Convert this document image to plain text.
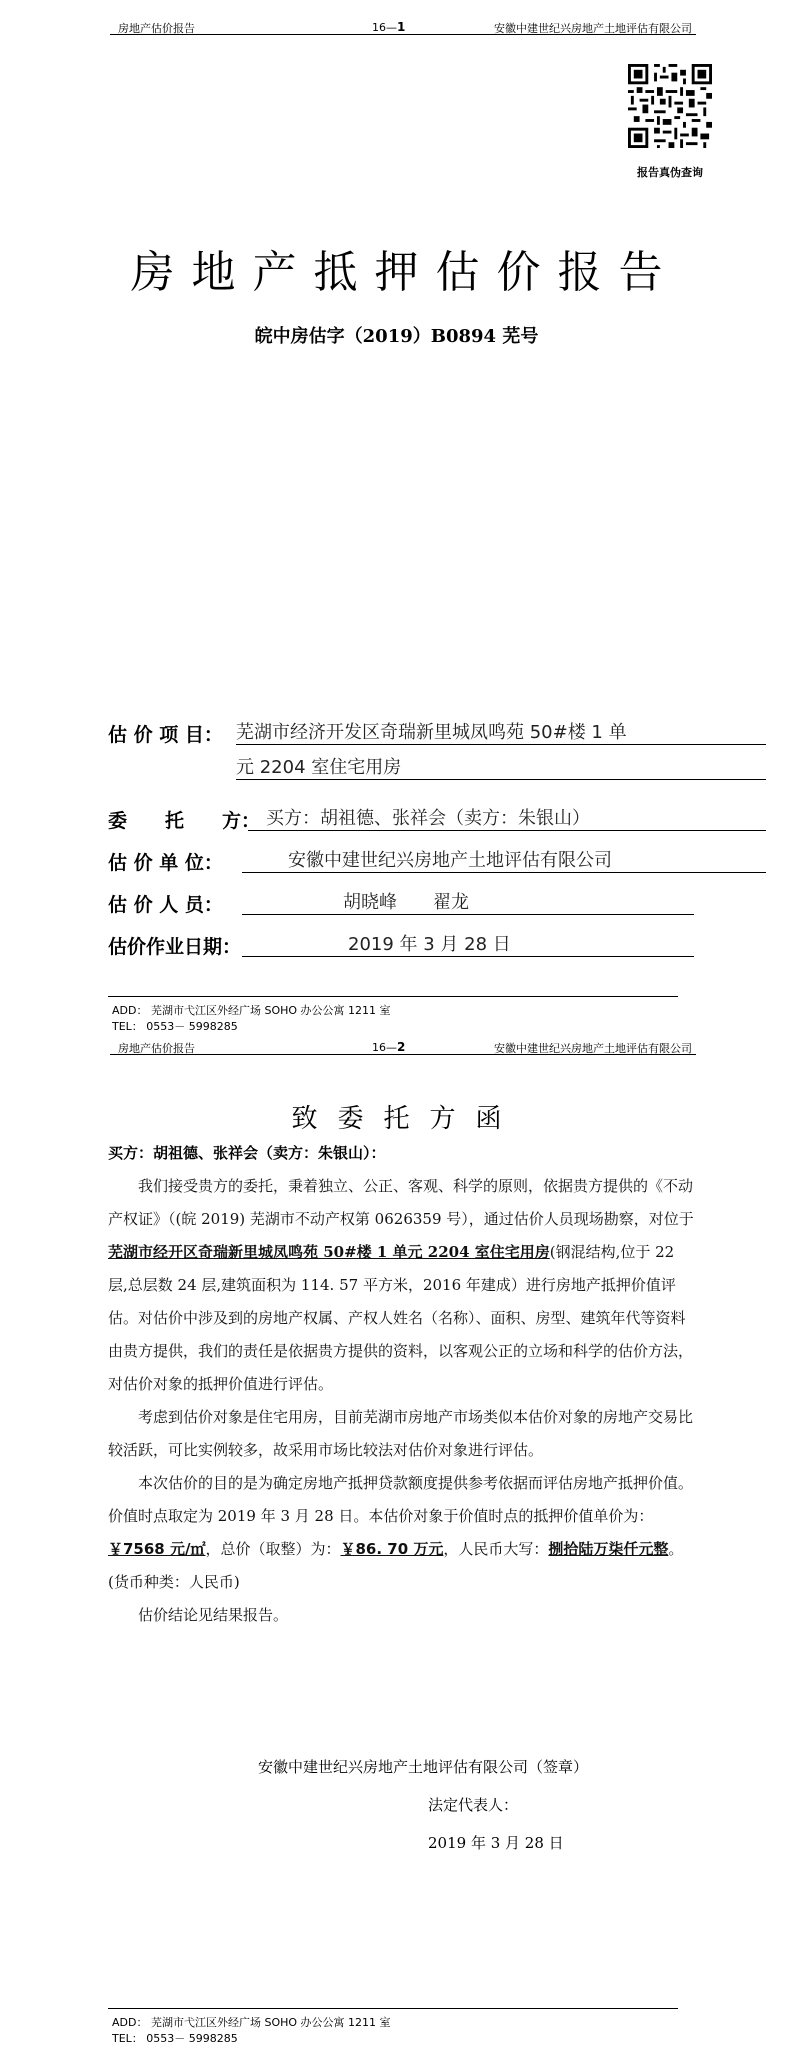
房地产估价报告	16—1	安徽中建世纪兴房地产土地评估有限公司
报告真伪查询
房地产抵押估价报告
皖中房估字（2019）B0894 芜号
估 价 项 目： 芜湖市经济开发区奇瑞新里城凤鸣苑 50#楼 1 单
元 2204 室住宅用房
委　　托　　方： 买方：胡祖德、张祥会（卖方：朱银山）
估 价 单 位：	安徽中建世纪兴房地产土地评估有限公司
估 价 人 员：	胡晓峰　　翟龙
估价作业日期：	2019 年 3 月 28 日
ADD： 芜湖市弋江区外经广场 SOHO 办公公寓 1211 室
TEL： 0553－ 5998285
房地产估价报告	16—2	安徽中建世纪兴房地产土地评估有限公司
致委托方函
买方：胡祖德、张祥会（卖方：朱银山）：

我们接受贵方的委托，秉着独立、公正、客观、科学的原则，依据贵方提供的《不动产权证》（(皖 2019) 芜湖市不动产权第 0626359 号），通过估价人员现场勘察，对位于芜湖市经开区奇瑞新里城凤鸣苑 50#楼 1 单元 2204 室住宅用房(钢混结构,位于 22 层,总层数 24 层,建筑面积为 114. 57 平方米，2016 年建成）进行房地产抵押价值评估。对估价中涉及到的房地产权属、产权人姓名（名称）、面积、房型、建筑年代等资料由贵方提供，我们的责任是依据贵方提供的资料，以客观公正的立场和科学的估价方法，对估价对象的抵押价值进行评估。

考虑到估价对象是住宅用房，目前芜湖市房地产市场类似本估价对象的房地产交易比较活跃，可比实例较多，故采用市场比较法对估价对象进行评估。

本次估价的目的是为确定房地产抵押贷款额度提供参考依据而评估房地产抵押价值。价值时点取定为 2019 年 3 月 28 日。本估价对象于价值时点的抵押价值单价为：￥7568 元/㎡，总价（取整）为：￥86. 70 万元，人民币大写：捌拾陆万柒仟元整。(货币种类：人民币)

估价结论见结果报告。

安徽中建世纪兴房地产土地评估有限公司（签章）
法定代表人：
2019 年 3 月 28 日
ADD： 芜湖市弋江区外经广场 SOHO 办公公寓 1211 室
TEL： 0553－ 5998285
